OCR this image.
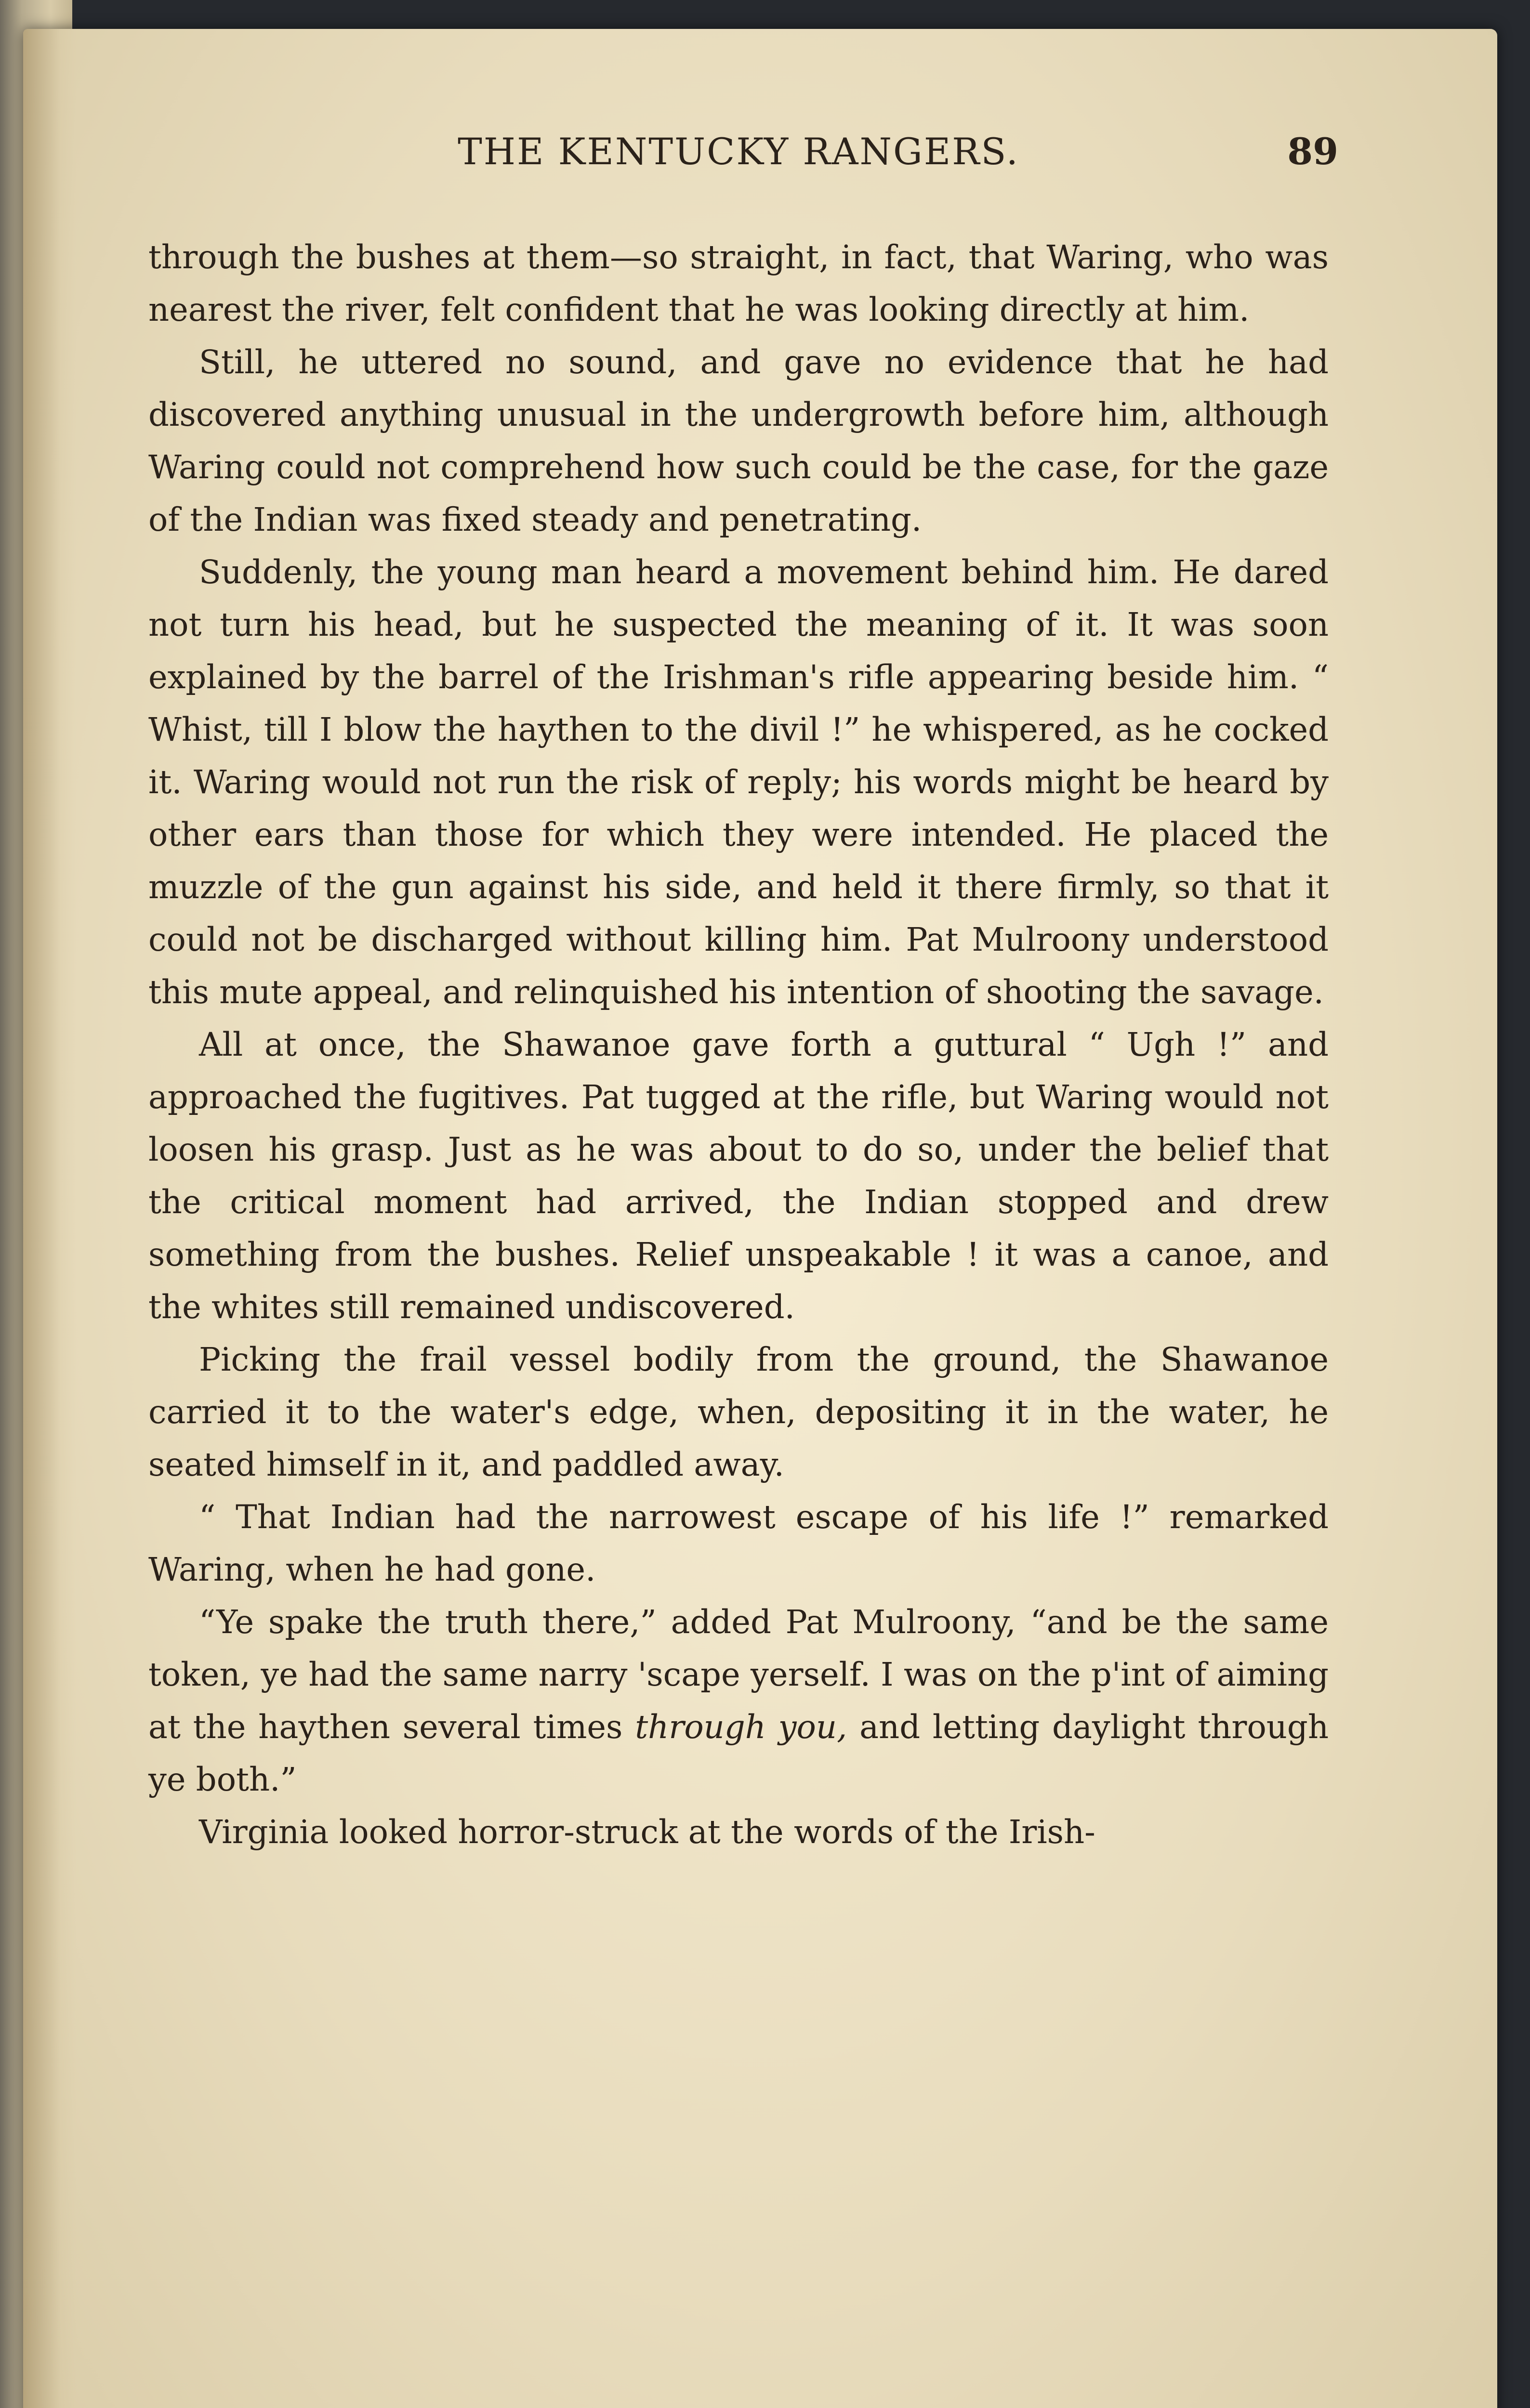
THE KENTUCKY RANGERS.	89

through the bushes at them—so straight, in fact, that Waring, who was nearest the river, felt confident that he was looking directly at him.

Still, he uttered no sound, and gave no evidence that he had discovered anything unusual in the undergrowth before him, although Waring could not comprehend how such could be the case, for the gaze of the Indian was fixed steady and penetrating.

Suddenly, the young man heard a movement behind him. He dared not turn his head, but he suspected the meaning of it. It was soon explained by the barrel of the Irishman's rifle appearing beside him. “ Whist, till I blow the haythen to the divil !” he whispered, as he cocked it. Waring would not run the risk of reply; his words might be heard by other ears than those for which they were intended. He placed the muzzle of the gun against his side, and held it there firmly, so that it could not be discharged without killing him. Pat Mulroony understood this mute appeal, and relinquished his intention of shooting the savage.

All at once, the Shawanoe gave forth a guttural “ Ugh !” and approached the fugitives. Pat tugged at the rifle, but Waring would not loosen his grasp. Just as he was about to do so, under the belief that the critical moment had arrived, the Indian stopped and drew something from the bushes. Relief unspeakable ! it was a canoe, and the whites still remained undiscovered.

Picking the frail vessel bodily from the ground, the Shawanoe carried it to the water's edge, when, depositing it in the water, he seated himself in it, and paddled away.

“ That Indian had the narrowest escape of his life !” remarked Waring, when he had gone.

“Ye spake the truth there,” added Pat Mulroony, “and be the same token, ye had the same narry 'scape yerself. I was on the p'int of aiming at the haythen several times through you, and letting daylight through ye both.”

Virginia looked horror-struck at the words of the Irish-
